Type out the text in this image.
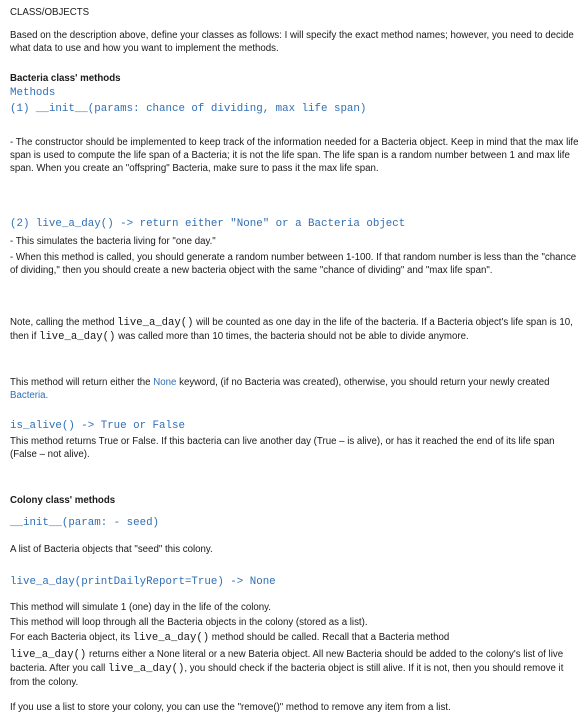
CLASS/OBJECTS
Based on the description above, define your classes as follows: I will specify the exact method names; however, you need to decide what data to use and how you want to implement the methods.
Bacteria class' methods
Methods
(1) __init__(params: chance of dividing, max life span)
- The constructor should be implemented to keep track of the information needed for a Bacteria object. Keep in mind that the max life span is used to compute the life span of a Bacteria; it is not the life span. The life span is a random number between 1 and max life span. When you create an "offspring" Bacteria, make sure to pass it the max life span.
(2) live_a_day() -> return either "None" or a Bacteria object
- This simulates the bacteria living for "one day."
- When this method is called, you should generate a random number between 1-100. If that random number is less than the "chance of dividing," then you should create a new bacteria object with the same "chance of dividing" and "max life span".
Note, calling the method live_a_day() will be counted as one day in the life of the bacteria. If a Bacteria object's life span is 10, then if live_a_day() was called more than 10 times, the bacteria should not be able to divide anymore.
This method will return either the None keyword, (if no Bacteria was created), otherwise, you should return your newly created Bacteria.
is_alive() -> True or False
This method returns True or False. If this bacteria can live another day (True – is alive), or has it reached the end of its life span (False – not alive).
Colony class' methods
__init__(param: - seed)
A list of Bacteria objects that "seed" this colony.
live_a_day(printDailyReport=True) -> None
This method will simulate 1 (one) day in the life of the colony.
This method will loop through all the Bacteria objects in the colony (stored as a list).
For each Bacteria object, its live_a_day() method should be called. Recall that a Bacteria method
live_a_day() returns either a None literal or a new Bateria object. All new Bacteria should be added to the colony's list of live bacteria. After you call live_a_day(), you should check if the bacteria object is still alive. If it is not, then you should remove it from the colony.
If you use a list to store your colony, you can use the "remove()" method to remove any item from a list.
